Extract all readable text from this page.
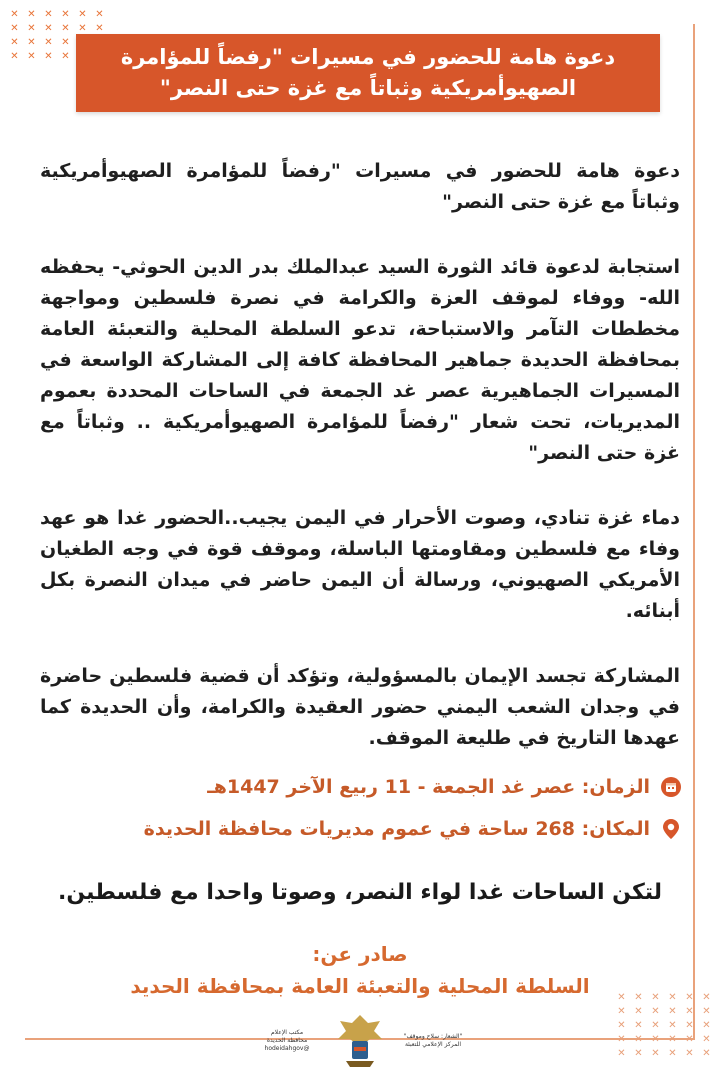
✕ ✕ ✕ ✕ ✕ ✕
✕ ✕ ✕ ✕ ✕ ✕
✕ ✕ ✕ ✕
✕ ✕ ✕ ✕
✕ ✕ ✕ ✕ ✕ ✕
✕ ✕ ✕ ✕ ✕ ✕
✕ ✕ ✕ ✕ ✕ ✕
✕ ✕ ✕ ✕ ✕ ✕
✕ ✕ ✕ ✕ ✕ ✕
دعوة هامة للحضور في مسيرات "رفضاً للمؤامرة
الصهيوأمريكية وثباتاً مع غزة حتى النصر"

دعوة هامة للحضور في مسيرات "رفضاً للمؤامرة الصهيوأمريكية وثباتاً مع غزة حتى النصر"

استجابة لدعوة قائد الثورة السيد عبدالملك بدر الدين الحوثي- يحفظه الله- ووفاء لموقف العزة والكرامة في نصرة فلسطين ومواجهة مخططات التآمر والاستباحة، تدعو السلطة المحلية والتعبئة العامة بمحافظة الحديدة جماهير المحافظة كافة إلى المشاركة الواسعة في المسيرات الجماهيرية عصر غد الجمعة في الساحات المحددة بعموم المديريات، تحت شعار "رفضاً للمؤامرة الصهيوأمريكية .. وثباتاً مع غزة حتى النصر"

دماء غزة تنادي، وصوت الأحرار في اليمن يجيب..الحضور غدا هو عهد وفاء مع فلسطين ومقاومتها الباسلة، وموقف قوة في وجه الطغيان الأمريكي الصهيوني، ورسالة أن اليمن حاضر في ميدان النصرة بكل أبنائه.

المشاركة تجسد الإيمان بالمسؤولية، وتؤكد أن قضية فلسطين حاضرة في وجدان الشعب اليمني حضور العقيدة والكرامة، وأن الحديدة كما عهدها التاريخ في طليعة الموقف.

الزمان: عصر غد الجمعة - 11 ربيع الآخر 1447هـ
المكان: 268 ساحة في عموم مديريات محافظة الحديدة
لتكن الساحات غدا لواء النصر، وصوتا واحدا مع فلسطين.
صادر عن:
السلطة المحلية والتعبئة العامة بمحافظة الحديد
مكتب الإعلام
محافظة الحديدة
@hodeidahgov
"الشعار: سلاح وموقف"
المركز الإعلامي للتعبئة
